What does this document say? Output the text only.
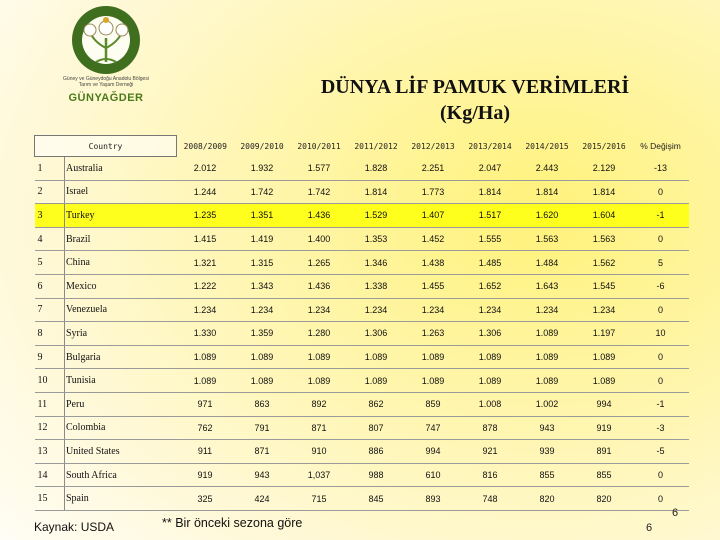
Güney ve Güneydoğu Anadolu Bölgesi Tarım ve Yaşam Derneği
GÜNYAĞDER	DÜNYA LİF PAMUK VERİMLERİ
(Kg/Ha)
Country		2008/2009	2009/2010	2010/2011	2011/2012	2012/2013	2013/2014	2014/2015	2015/2016	% Değişim
1	Australia	2.012	1.932	1.577	1.828	2.251	2.047	2.443	2.129	-13
2	Israel	1.244	1.742	1.742	1.814	1.773	1.814	1.814	1.814	0
3	Turkey	1.235	1.351	1.436	1.529	1.407	1.517	1.620	1.604	-1
4	Brazil	1.415	1.419	1.400	1.353	1.452	1.555	1.563	1.563	0
5	China	1.321	1.315	1.265	1.346	1.438	1.485	1.484	1.562	5
6	Mexico	1.222	1.343	1.436	1.338	1.455	1.652	1.643	1.545	-6
7	Venezuela	1.234	1.234	1.234	1.234	1.234	1.234	1.234	1.234	0
8	Syria	1.330	1.359	1.280	1.306	1.263	1.306	1.089	1.197	10
9	Bulgaria	1.089	1.089	1.089	1.089	1.089	1.089	1.089	1.089	0
10	Tunisia	1.089	1.089	1.089	1.089	1.089	1.089	1.089	1.089	0
11	Peru	971	863	892	862	859	1.008	1.002	994	-1
12	Colombia	762	791	871	807	747	878	943	919	-3
13	United States	911	871	910	886	994	921	939	891	-5
14	South Africa	919	943	1,037	988	610	816	855	855	0
15	Spain	325	424	715	845	893	748	820	820	0
Kaynak: USDA	** Bir önceki sezona göre	6
6
